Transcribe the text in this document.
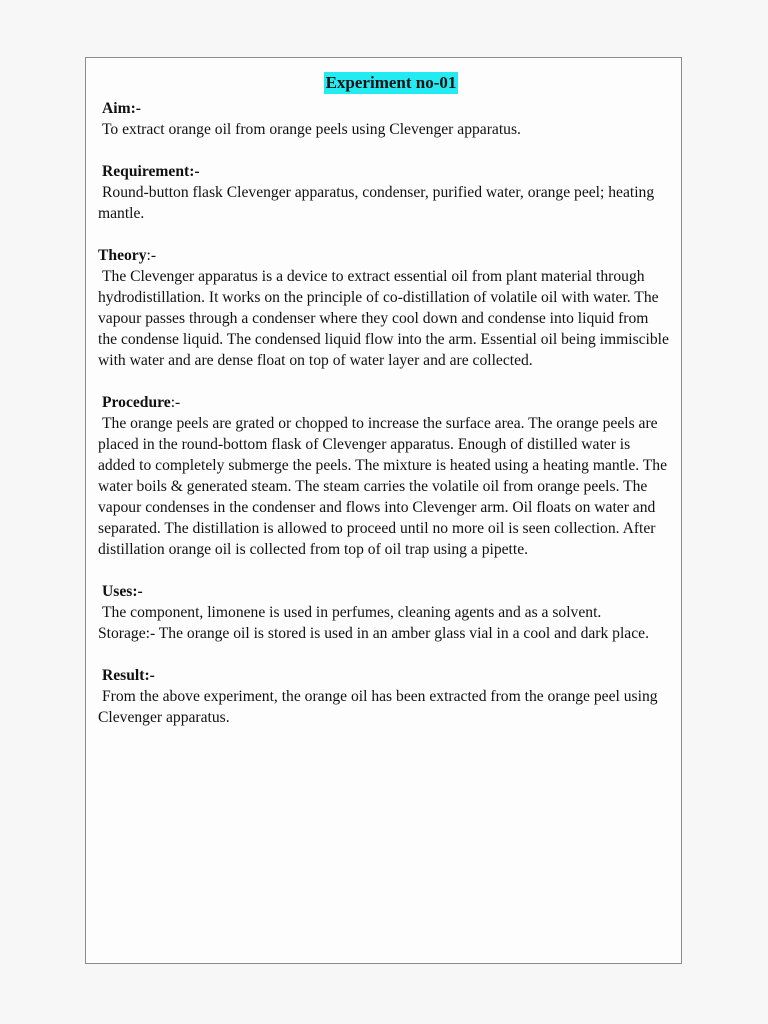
Experiment no-01
Aim:-

To extract orange oil from orange peels using Clevenger apparatus.

Requirement:-

Round-button flask Clevenger apparatus, condenser, purified water, orange peel; heating mantle.

Theory:-

The Clevenger apparatus is a device to extract essential oil from plant material through hydrodistillation. It works on the principle of co-distillation of volatile oil with water. The vapour passes through a condenser where they cool down and condense into liquid from the condense liquid. The condensed liquid flow into the arm. Essential oil being immiscible with water and are dense float on top of water layer and are collected.

Procedure:-

The orange peels are grated or chopped to increase the surface area. The orange peels are placed in the round-bottom flask of Clevenger apparatus. Enough of distilled water is added to completely submerge the peels. The mixture is heated using a heating mantle. The water boils & generated steam. The steam carries the volatile oil from orange peels. The vapour condenses in the condenser and flows into Clevenger arm. Oil floats on water and separated. The distillation is allowed to proceed until no more oil is seen collection. After distillation orange oil is collected from top of oil trap using a pipette.

Uses:-

The component, limonene is used in perfumes, cleaning agents and as a solvent.

Storage:- The orange oil is stored is used in an amber glass vial in a cool and dark place.

Result:-

From the above experiment, the orange oil has been extracted from the orange peel using Clevenger apparatus.
